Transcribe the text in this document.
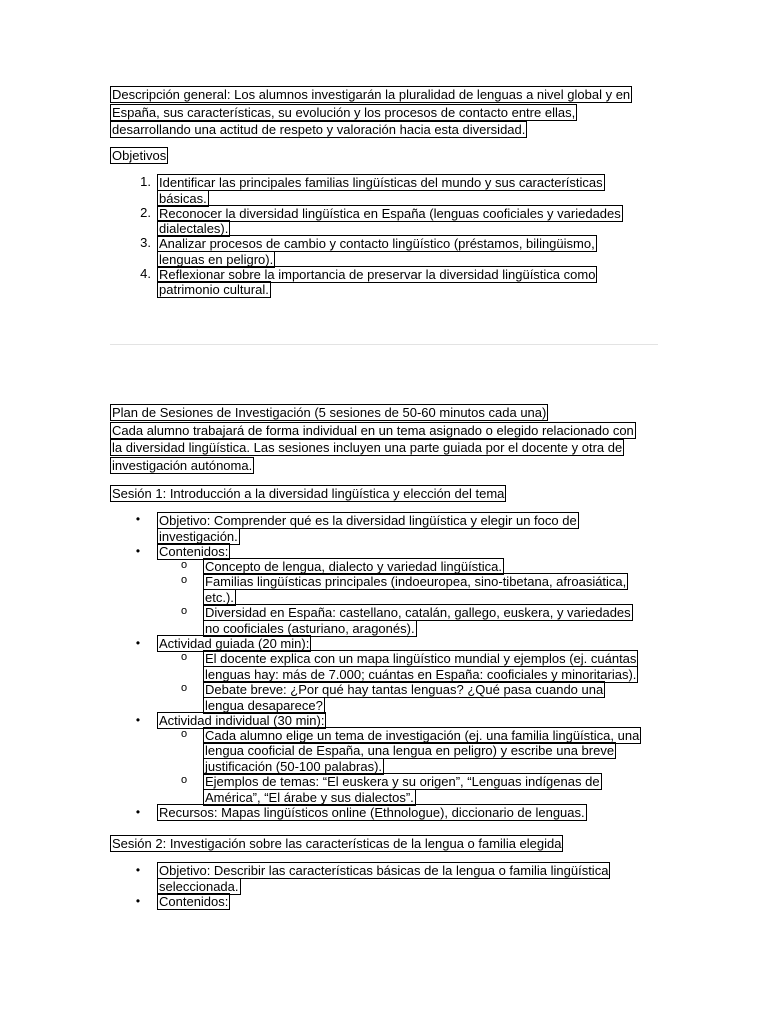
Descripción general: Los alumnos investigarán la pluralidad de lenguas a nivel global y en
España, sus características, su evolución y los procesos de contacto entre ellas,
desarrollando una actitud de respeto y valoración hacia esta diversidad.
Objetivos
1. Identificar las principales familias lingüísticas del mundo y sus características
básicas.
2. Reconocer la diversidad lingüística en España (lenguas cooficiales y variedades
dialectales).
3. Analizar procesos de cambio y contacto lingüístico (préstamos, bilingüismo,
lenguas en peligro).
4. Reflexionar sobre la importancia de preservar la diversidad lingüística como
patrimonio cultural.
Plan de Sesiones de Investigación (5 sesiones de 50-60 minutos cada una)
Cada alumno trabajará de forma individual en un tema asignado o elegido relacionado con
la diversidad lingüística. Las sesiones incluyen una parte guiada por el docente y otra de
investigación autónoma.
Sesión 1: Introducción a la diversidad lingüística y elección del tema
•	Objetivo: Comprender qué es la diversidad lingüística y elegir un foco de
investigación.
•	Contenidos:
o	Concepto de lengua, dialecto y variedad lingüística.
o	Familias lingüísticas principales (indoeuropea, sino-tibetana, afroasiática,
etc.).
o	Diversidad en España: castellano, catalán, gallego, euskera, y variedades
no cooficiales (asturiano, aragonés).
•	Actividad guiada (20 min):
o	El docente explica con un mapa lingüístico mundial y ejemplos (ej. cuántas
lenguas hay: más de 7.000; cuántas en España: cooficiales y minoritarias).
o	Debate breve: ¿Por qué hay tantas lenguas? ¿Qué pasa cuando una
lengua desaparece?
•	Actividad individual (30 min):
o	Cada alumno elige un tema de investigación (ej. una familia lingüística, una
lengua cooficial de España, una lengua en peligro) y escribe una breve
justificación (50-100 palabras).
o	Ejemplos de temas: “El euskera y su origen”, “Lenguas indígenas de
América”, “El árabe y sus dialectos”.
•	Recursos: Mapas lingüísticos online (Ethnologue), diccionario de lenguas.
Sesión 2: Investigación sobre las características de la lengua o familia elegida
•	Objetivo: Describir las características básicas de la lengua o familia lingüística
seleccionada.
•	Contenidos:
